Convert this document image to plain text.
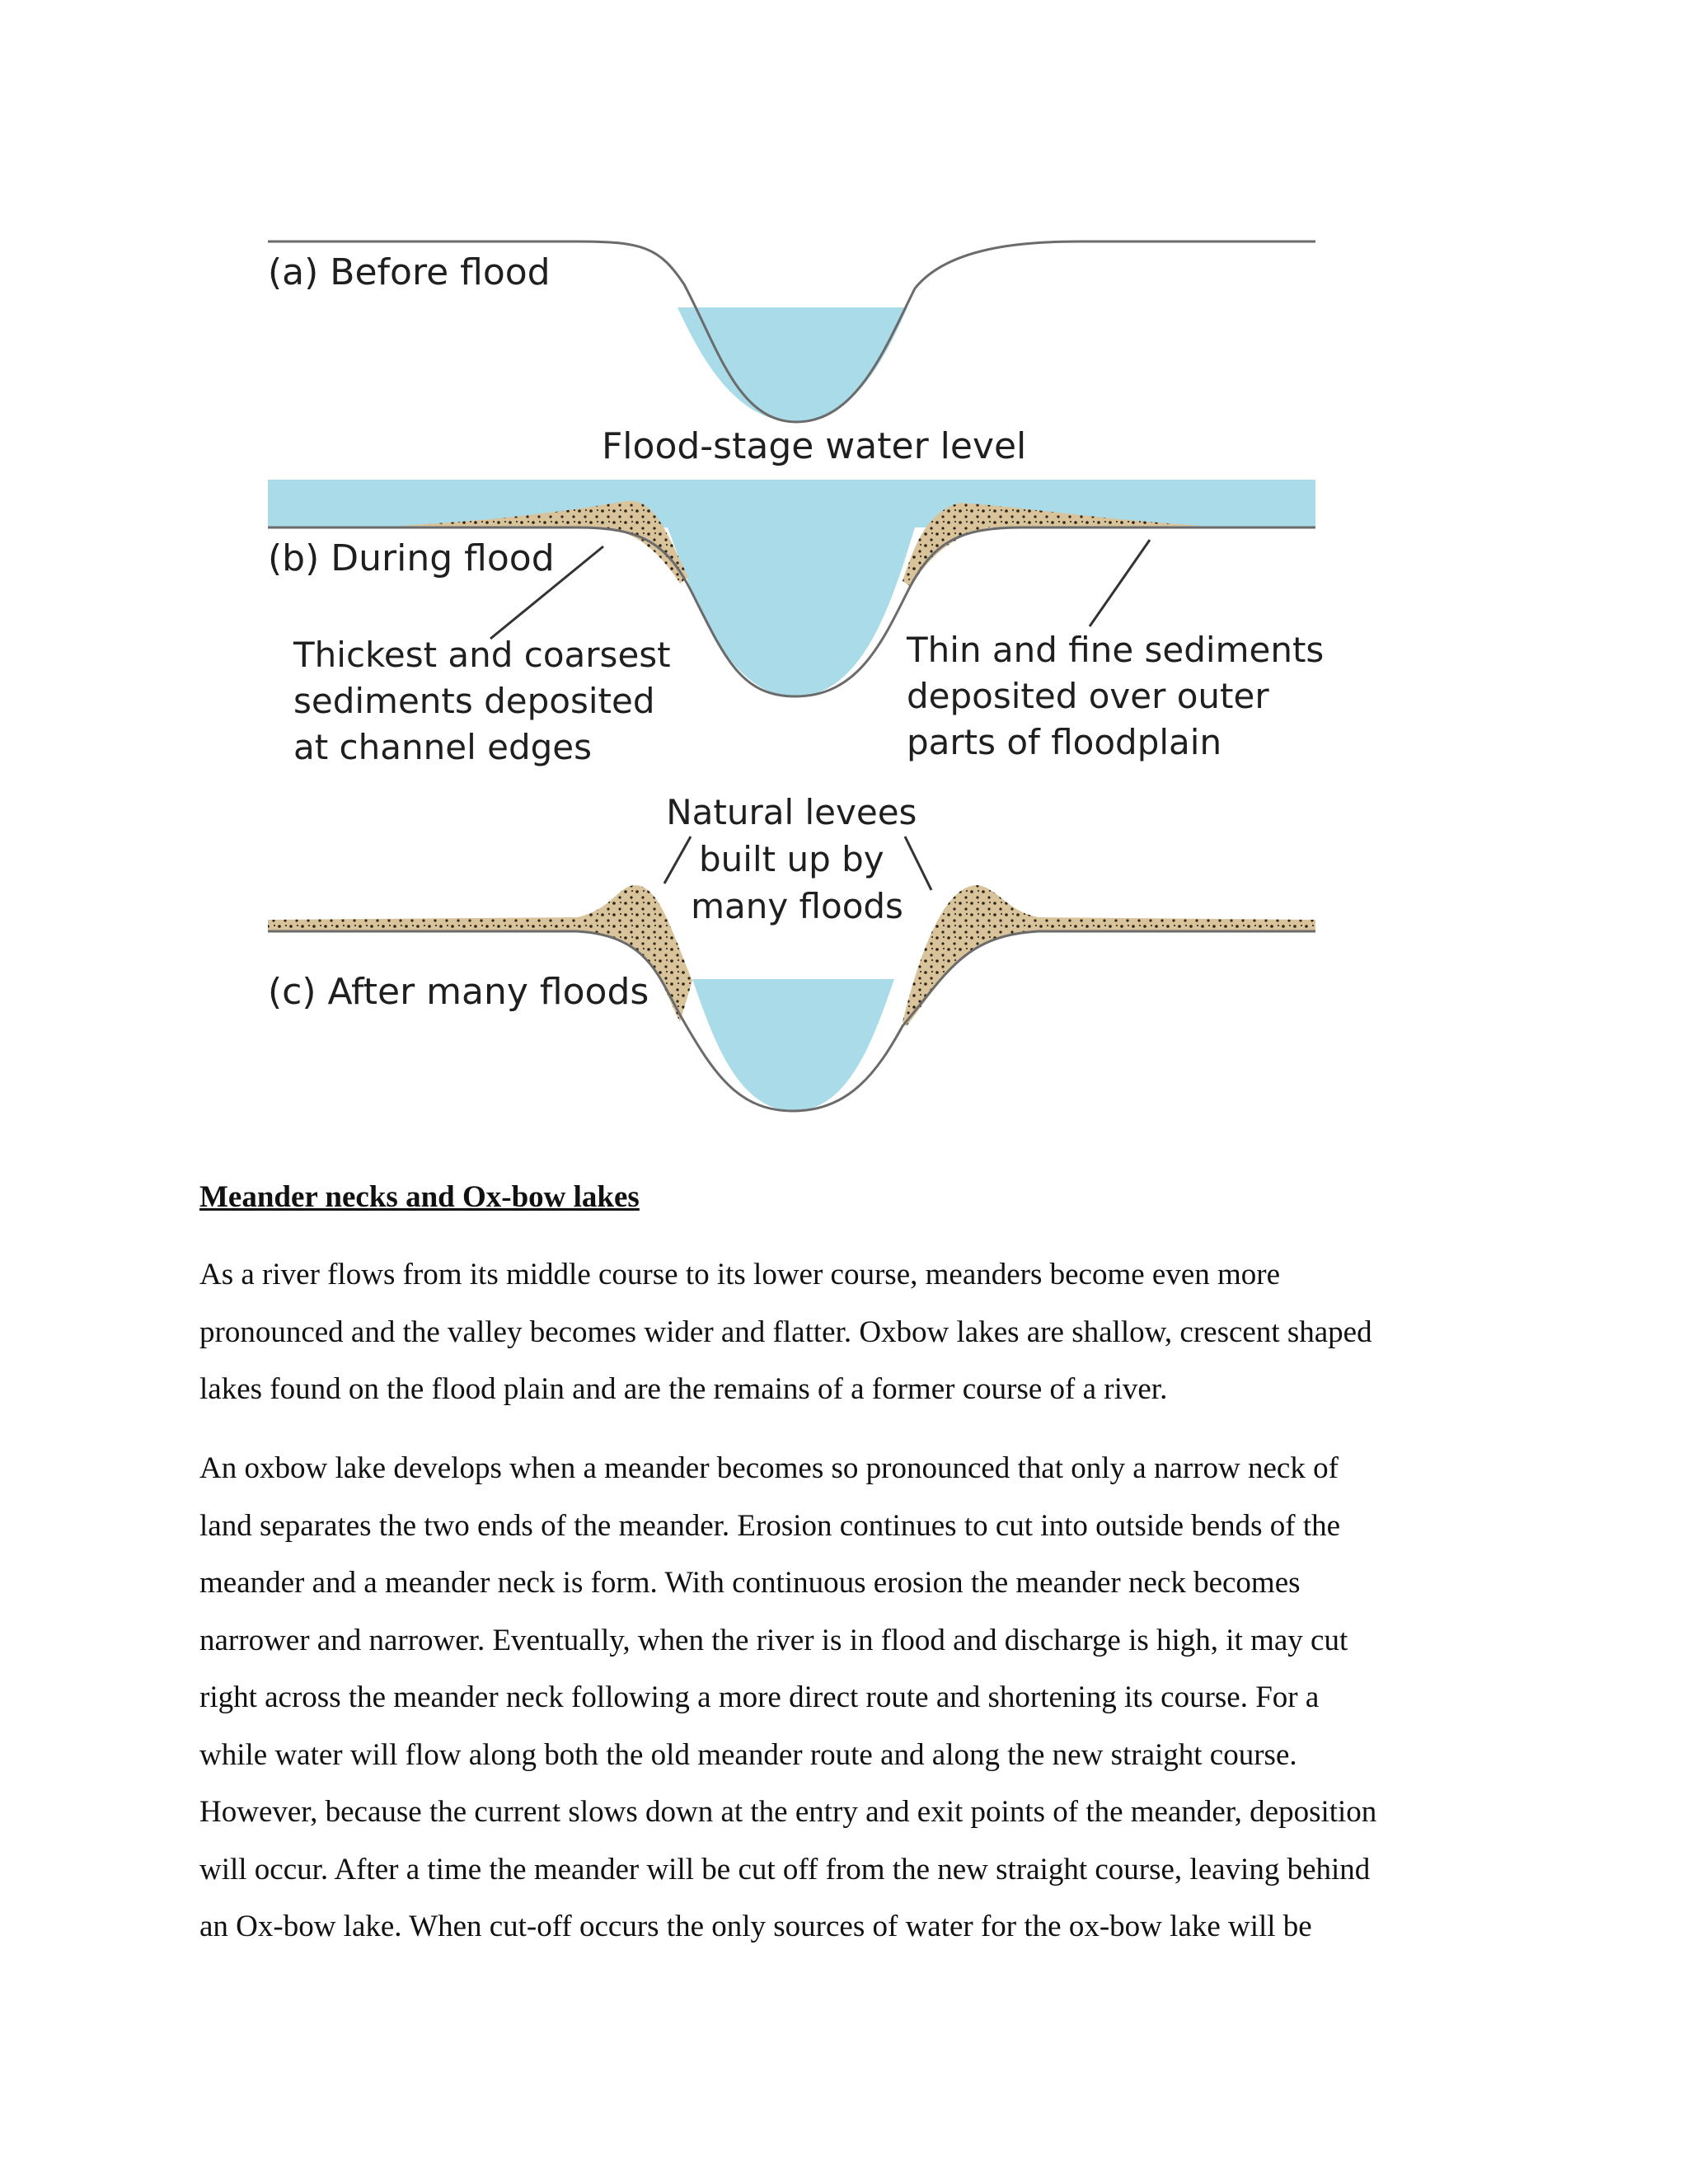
(a) Before flood
Flood-stage water level
(b) During flood
Thickest and coarsest sediments deposited at channel edges
Thin and fine sediments deposited over outer parts of floodplain
Natural levees built up by many floods
(c) After many floods
Meander necks and Ox-bow lakes

As a river flows from its middle course to its lower course, meanders become even more
pronounced and the valley becomes wider and flatter. Oxbow lakes are shallow, crescent shaped
lakes found on the flood plain and are the remains of a former course of a river.

An oxbow lake develops when a meander becomes so pronounced that only a narrow neck of
land separates the two ends of the meander. Erosion continues to cut into outside bends of the
meander and a meander neck is form. With continuous erosion the meander neck becomes
narrower and narrower. Eventually, when the river is in flood and discharge is high, it may cut
right across the meander neck following a more direct route and shortening its course. For a
while water will flow along both the old meander route and along the new straight course.
However, because the current slows down at the entry and exit points of the meander, deposition
will occur. After a time the meander will be cut off from the new straight course, leaving behind
an Ox-bow lake. When cut-off occurs the only sources of water for the ox-bow lake will be
